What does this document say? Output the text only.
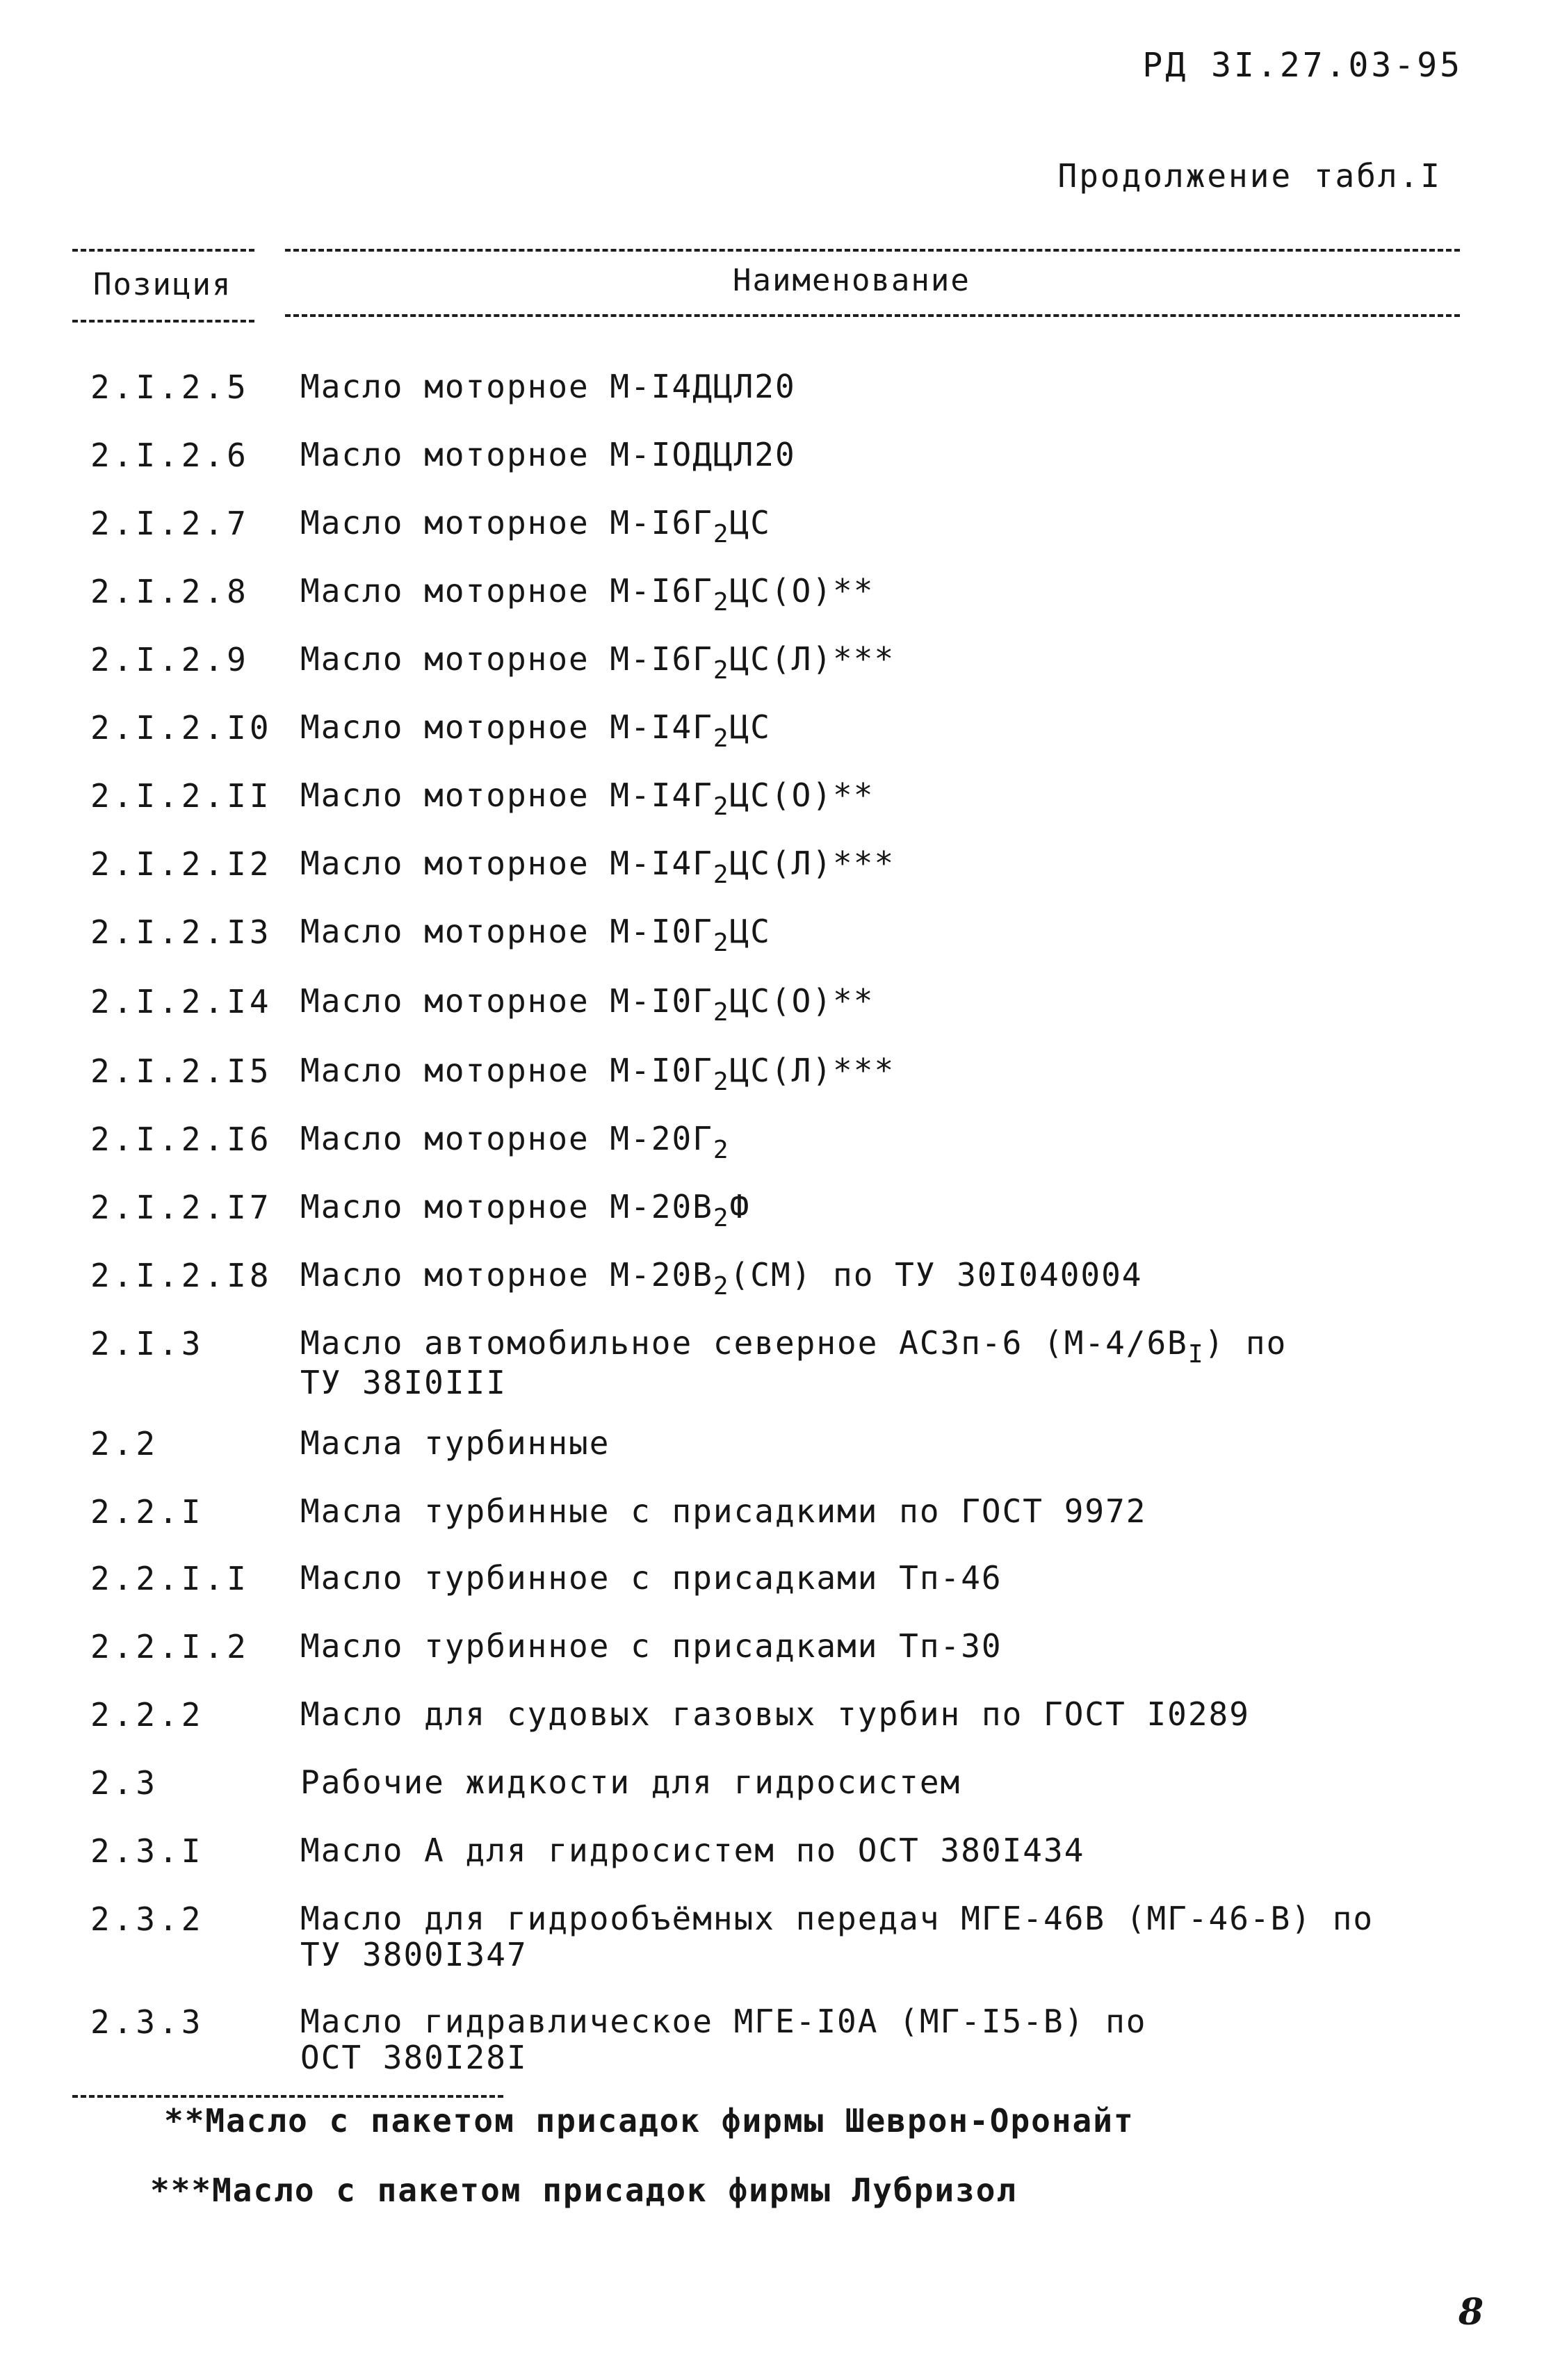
РД 3I.27.03-95
Продолжение табл.I
Позиция	Наименование
2.I.2.5 Масло моторное М-I4ДЦЛ20
2.I.2.6 Масло моторное М-IОДЦЛ20
2.I.2.7 Масло моторное $М-I6Г_2ЦС$
2.I.2.8 Масло моторное $М-I6Г_2ЦС(О)**$
2.I.2.9 Масло моторное $М-I6Г_2ЦС(Л)***$
2.I.2.I0 Масло моторное $М-I4Г_2ЦС$
2.I.2.II Масло моторное $М-I4Г_2ЦС(О)**$
2.I.2.I2 Масло моторное $М-I4Г_2ЦС(Л)***$
2.I.2.I3 Масло моторное $М-I0Г_2ЦС$
2.I.2.I4 Масло моторное $М-I0Г_2ЦС(О)**$
2.I.2.I5 Масло моторное $М-I0Г_2ЦС(Л)***$
2.I.2.I6 Масло моторное $М-20Г_2$
2.I.2.I7 Масло моторное $М-20В_2Ф$
2.I.2.I8 Масло моторное $М-20В_2(СМ)$ по ТУ 30I040004
2.I.3	Масло автомобильное северное АСЗп-6 $(М-4/6В_I)$ по
ТУ 38I0III
2.2	Масла турбинные
2.2.I	Масла турбинные с присадкими по ГОСТ 9972
2.2.I.I Масло турбинное с присадками Тп-46
2.2.I.2 Масло турбинное с присадками Тп-30
2.2.2	Масло для судовых газовых турбин по ГОСТ I0289
2.3	Рабочие жидкости для гидросистем
2.3.I	Масло А для гидросистем по ОСТ 380I434
2.3.2	Масло для гидрообъёмных передач МГЕ-46В (МГ-46-В) по
ТУ 3800I347
2.3.3	Масло гидравлическое МГЕ-I0А (МГ-I5-В) по
ОСТ 380I28I
**Масло с пакетом присадок фирмы Шеврон-Оронайт
***Масло с пакетом присадок фирмы Лубризол
8
